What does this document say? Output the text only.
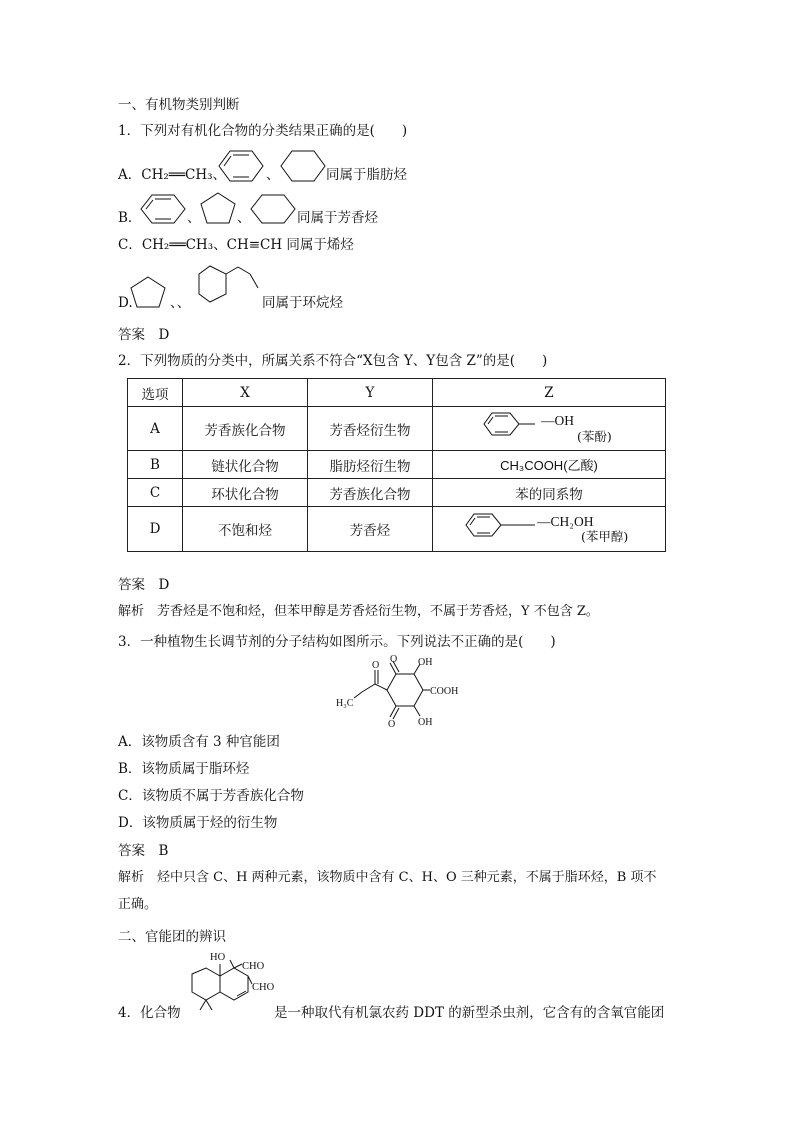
一、有机物类别判断
1．下列对有机化合物的分类结果正确的是(　　)
A．CH₂══CH₃、	、	同属于脂肪烃
B．	、	、	同属于芳香烃
C．CH₂══CH₃、CH≡CH 同属于烯烃
D.	、、	同属于环烷烃
答案　D
2．下列物质的分类中，所属关系不符合“X包含 Y、Y包含 Z”的是(　　)
选项	X	Y	Z
A	芳香族化合物	芳香烃衍生物	—OH
(苯酚)

B	链状化合物	脂肪烃衍生物	CH₃COOH(乙酸)
C	环状化合物	芳香族化合物	苯的同系物
D	不饱和烃	芳香烃	—CH₂OH
(苯甲醇)
答案　D
解析　芳香烃是不饱和烃，但苯甲醇是芳香烃衍生物，不属于芳香烃，Y 不包含 Z。
3．一种植物生长调节剂的分子结构如图所示。下列说法不正确的是(　　)
O
O
O
OH
COOH
OH
H₃C
A．该物质含有 3 种官能团
B．该物质属于脂环烃
C．该物质不属于芳香族化合物
D．该物质属于烃的衍生物
答案　B
解析　烃中只含 C、H 两种元素，该物质中含有 C、H、O 三种元素，不属于脂环烃，B 项不
正确。
二、官能团的辨识
4．化合物
HO
CHO
CHO
是一种取代有机氯农药 DDT 的新型杀虫剂，它含有的含氧官能团
